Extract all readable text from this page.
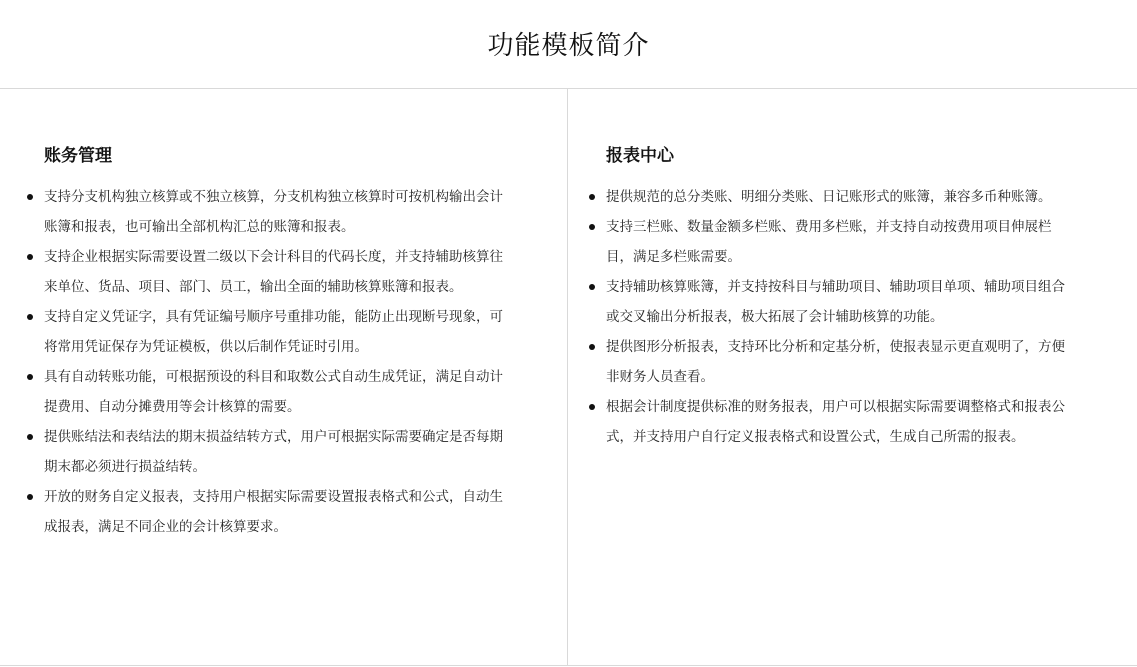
功能模板简介
账务管理
支持分支机构独立核算或不独立核算，分支机构独立核算时可按机构输出会计账簿和报表，也可输出全部机构汇总的账簿和报表。
支持企业根据实际需要设置二级以下会计科目的代码长度，并支持辅助核算往来单位、货品、项目、部门、员工，输出全面的辅助核算账簿和报表。
支持自定义凭证字，具有凭证编号顺序号重排功能，能防止出现断号现象，可将常用凭证保存为凭证模板，供以后制作凭证时引用。
具有自动转账功能，可根据预设的科目和取数公式自动生成凭证，满足自动计提费用、自动分摊费用等会计核算的需要。
提供账结法和表结法的期末损益结转方式，用户可根据实际需要确定是否每期期末都必须进行损益结转。
开放的财务自定义报表，支持用户根据实际需要设置报表格式和公式，自动生成报表，满足不同企业的会计核算要求。
报表中心
提供规范的总分类账、明细分类账、日记账形式的账簿，兼容多币种账簿。
支持三栏账、数量金额多栏账、费用多栏账，并支持自动按费用项目伸展栏目，满足多栏账需要。
支持辅助核算账簿，并支持按科目与辅助项目、辅助项目单项、辅助项目组合或交叉输出分析报表，极大拓展了会计辅助核算的功能。
提供图形分析报表，支持环比分析和定基分析，使报表显示更直观明了，方便非财务人员查看。
根据会计制度提供标准的财务报表，用户可以根据实际需要调整格式和报表公式，并支持用户自行定义报表格式和设置公式，生成自己所需的报表。
